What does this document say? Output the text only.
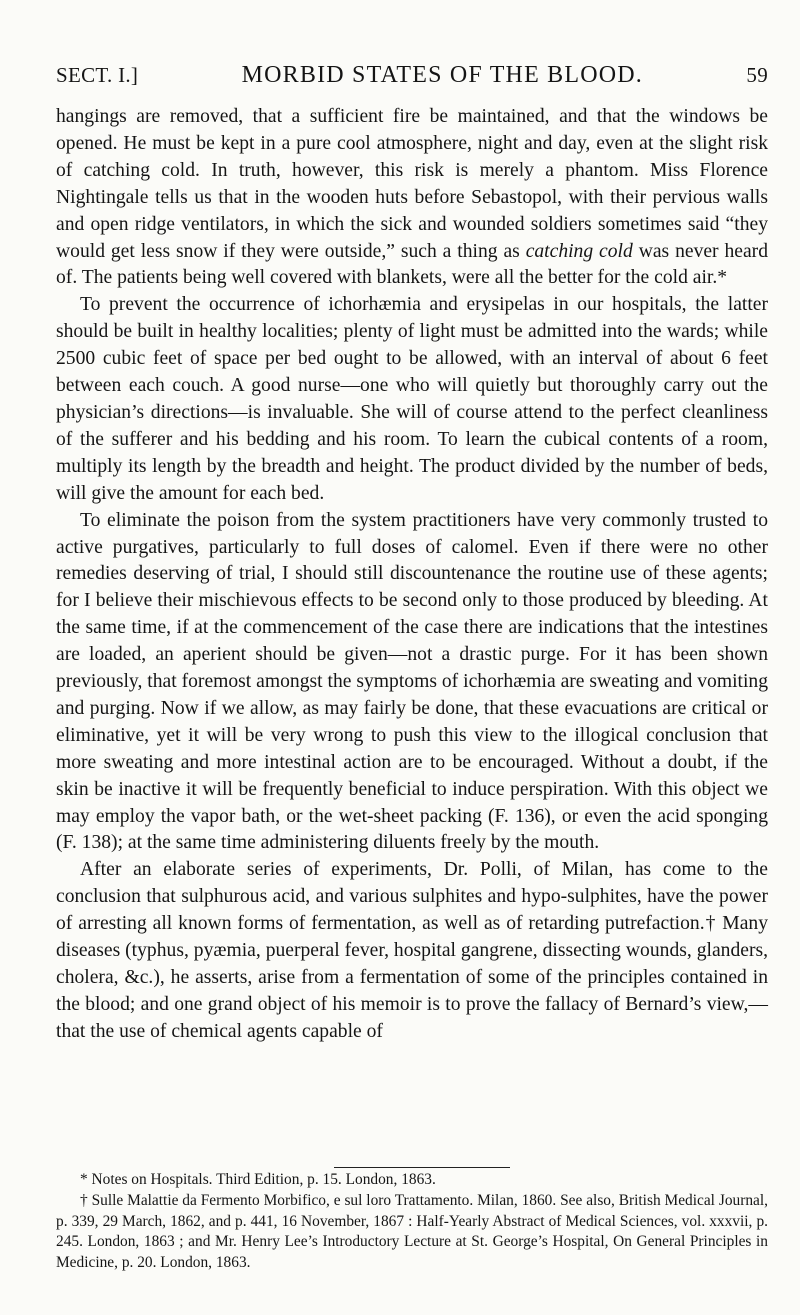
SECT. I.]	MORBID STATES OF THE BLOOD.	59

hangings are removed, that a sufficient fire be maintained, and that the windows be opened. He must be kept in a pure cool atmosphere, night and day, even at the slight risk of catching cold. In truth, however, this risk is merely a phantom. Miss Florence Nightingale tells us that in the wooden huts before Sebastopol, with their pervious walls and open ridge ventilators, in which the sick and wounded soldiers sometimes said “they would get less snow if they were outside,” such a thing as catching cold was never heard of. The patients being well covered with blankets, were all the better for the cold air.*

To prevent the occurrence of ichorhæmia and erysipelas in our hospitals, the latter should be built in healthy localities; plenty of light must be admitted into the wards; while 2500 cubic feet of space per bed ought to be allowed, with an interval of about 6 feet between each couch. A good nurse—one who will quietly but thoroughly carry out the physician’s directions—is invaluable. She will of course attend to the perfect cleanliness of the sufferer and his bedding and his room. To learn the cubical contents of a room, multiply its length by the breadth and height. The product divided by the number of beds, will give the amount for each bed.

To eliminate the poison from the system practitioners have very commonly trusted to active purgatives, particularly to full doses of calomel. Even if there were no other remedies deserving of trial, I should still discountenance the routine use of these agents; for I believe their mischievous effects to be second only to those produced by bleeding. At the same time, if at the commencement of the case there are indications that the intestines are loaded, an aperient should be given—not a drastic purge. For it has been shown previously, that foremost amongst the symptoms of ichorhæmia are sweating and vomiting and purging. Now if we allow, as may fairly be done, that these evacuations are critical or eliminative, yet it will be very wrong to push this view to the illogical conclusion that more sweating and more intestinal action are to be encouraged. Without a doubt, if the skin be inactive it will be frequently beneficial to induce perspiration. With this object we may employ the vapor bath, or the wet-sheet packing (F. 136), or even the acid sponging (F. 138); at the same time administering diluents freely by the mouth.

After an elaborate series of experiments, Dr. Polli, of Milan, has come to the conclusion that sulphurous acid, and various sulphites and hypo-sulphites, have the power of arresting all known forms of fermentation, as well as of retarding putrefaction.† Many diseases (typhus, pyæmia, puerperal fever, hospital gangrene, dissecting wounds, glanders, cholera, &c.), he asserts, arise from a fermentation of some of the principles contained in the blood; and one grand object of his memoir is to prove the fallacy of Bernard’s view,—that the use of chemical agents capable of

* Notes on Hospitals. Third Edition, p. 15. London, 1863.

† Sulle Malattie da Fermento Morbifico, e sul loro Trattamento. Milan, 1860. See also, British Medical Journal, p. 339, 29 March, 1862, and p. 441, 16 November, 1867 : Half-Yearly Abstract of Medical Sciences, vol. xxxvii, p. 245. London, 1863 ; and Mr. Henry Lee’s Introductory Lecture at St. George’s Hospital, On General Principles in Medicine, p. 20. London, 1863.
